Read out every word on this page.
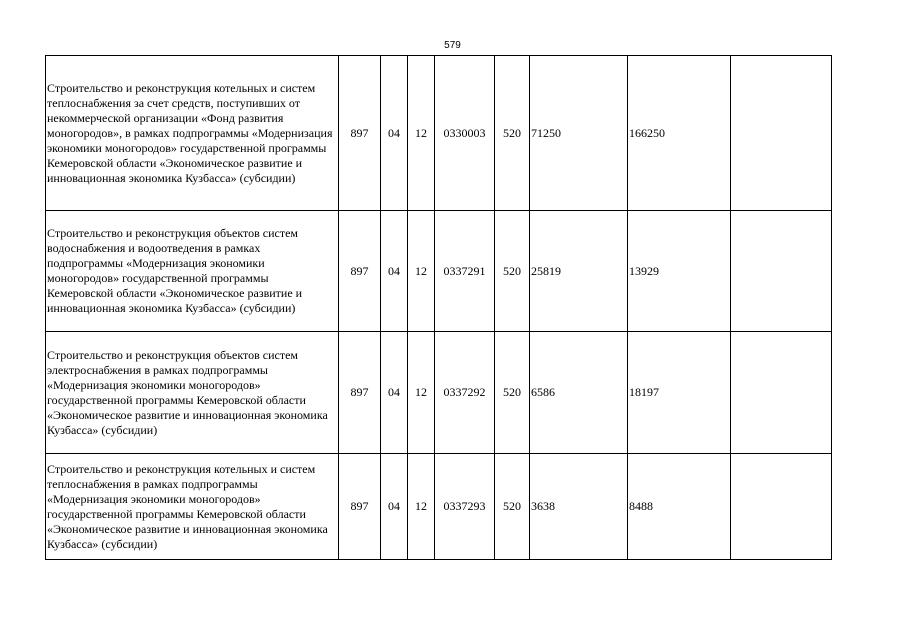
579
Строительство и реконструкция котельных и систем теплоснабжения за счет средств, поступивших от некоммерческой организации «Фонд развития моногородов», в рамках подпрограммы «Модернизация экономики моногородов» государственной программы Кемеровской области «Экономическое развитие и инновационная экономика Кузбасса» (субсидии)	897	04	12	0330003	520	71250	166250	
Строительство и реконструкция объектов систем водоснабжения и водоотведения в рамках подпрограммы «Модернизация экономики моногородов» государственной программы Кемеровской области «Экономическое развитие и инновационная экономика Кузбасса» (субсидии)	897	04	12	0337291	520	25819	13929	
Строительство и реконструкция объектов систем электроснабжения в рамках подпрограммы «Модернизация экономики моногородов» государственной программы Кемеровской области «Экономическое развитие и инновационная экономика Кузбасса» (субсидии)	897	04	12	0337292	520	6586	18197	
Строительство и реконструкция котельных и систем теплоснабжения в рамках подпрограммы «Модернизация экономики моногородов» государственной программы Кемеровской области «Экономическое развитие и инновационная экономика Кузбасса» (субсидии)	897	04	12	0337293	520	3638	8488	
